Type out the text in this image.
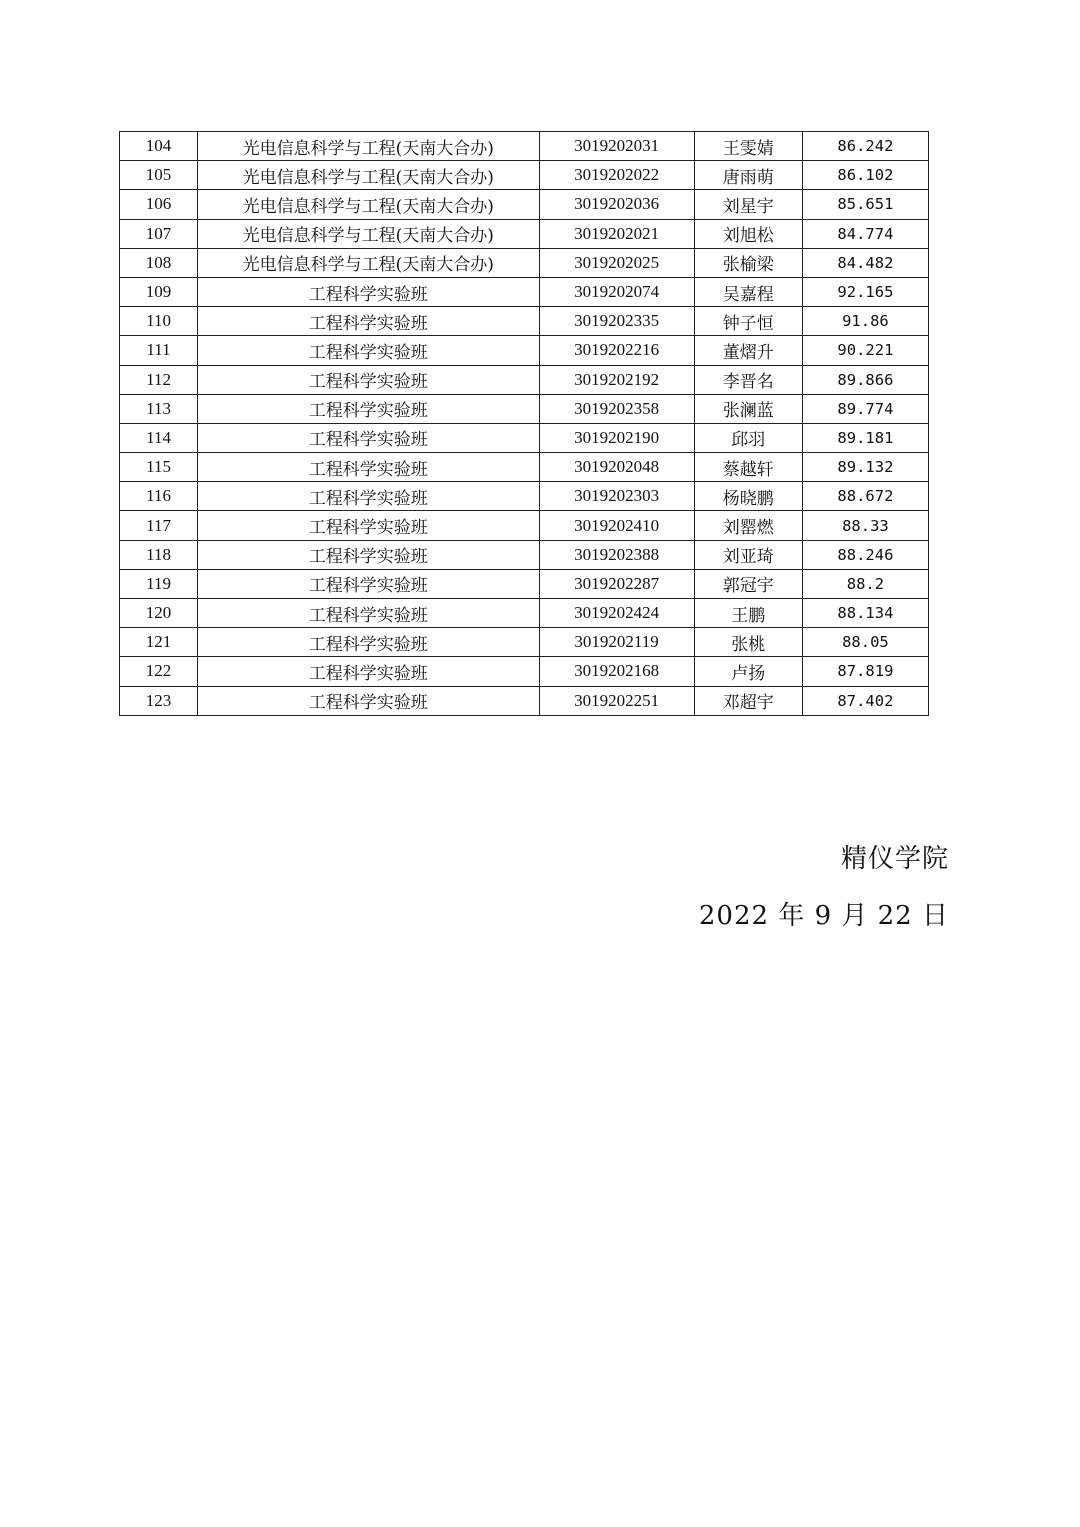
104	光电信息科学与工程(天南大合办)	3019202031	王雯婧	86.242
105	光电信息科学与工程(天南大合办)	3019202022	唐雨萌	86.102
106	光电信息科学与工程(天南大合办)	3019202036	刘星宇	85.651
107	光电信息科学与工程(天南大合办)	3019202021	刘旭松	84.774
108	光电信息科学与工程(天南大合办)	3019202025	张榆梁	84.482
109	工程科学实验班	3019202074	吴嘉程	92.165
110	工程科学实验班	3019202335	钟子恒	91.86
111	工程科学实验班	3019202216	董熠升	90.221
112	工程科学实验班	3019202192	李晋名	89.866
113	工程科学实验班	3019202358	张澜蓝	89.774
114	工程科学实验班	3019202190	邱羽	89.181
115	工程科学实验班	3019202048	蔡越轩	89.132
116	工程科学实验班	3019202303	杨晓鹏	88.672
117	工程科学实验班	3019202410	刘罂燃	88.33
118	工程科学实验班	3019202388	刘亚琦	88.246
119	工程科学实验班	3019202287	郭冠宇	88.2
120	工程科学实验班	3019202424	王鹏	88.134
121	工程科学实验班	3019202119	张桃	88.05
122	工程科学实验班	3019202168	卢扬	87.819
123	工程科学实验班	3019202251	邓超宇	87.402
精仪学院
2022 年 9 月 22 日
